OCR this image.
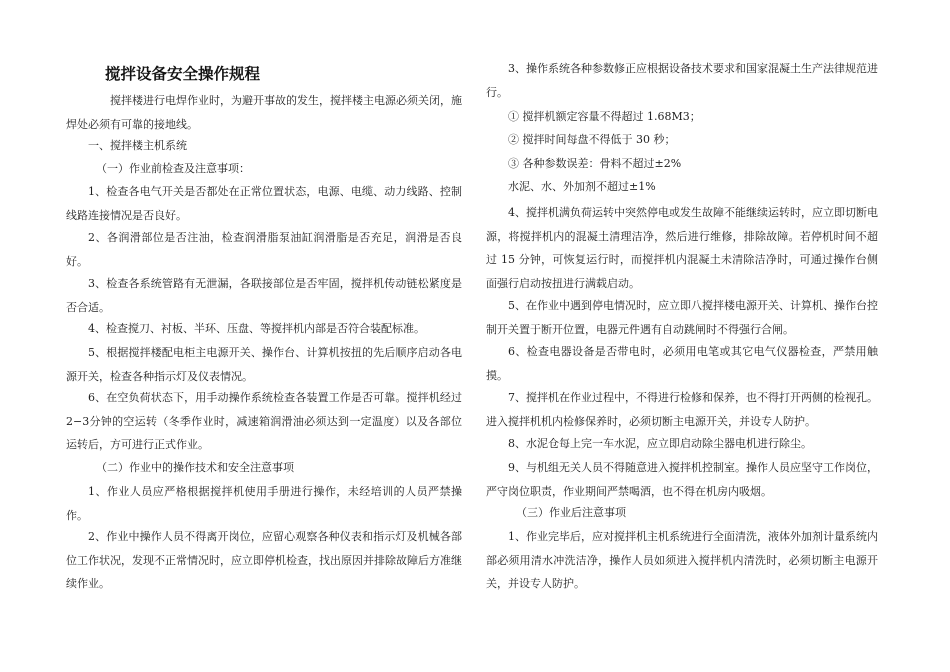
搅拌设备安全操作规程

搅拌楼进行电焊作业时，为避开事故的发生，搅拌楼主电源必须关闭，施焊处必须有可靠的接地线。

一、搅拌楼主机系统

（一）作业前检查及注意事项：

1、检查各电气开关是否都处在正常位置状态，电源、电缆、动力线路、控制线路连接情况是否良好。

2、各润滑部位是否注油，检查润滑脂泵油缸润滑脂是否充足，润滑是否良好。

3、检查各系统管路有无泄漏，各联接部位是否牢固，搅拌机传动链松紧度是否合适。

4、检查搅刀、衬板、半环、压盘、等搅拌机内部是否符合装配标准。

5、根据搅拌楼配电柜主电源开关、操作台、计算机按扭的先后顺序启动各电源开关，检查各种指示灯及仪表情况。

6、在空负荷状态下，用手动操作系统检查各装置工作是否可靠。搅拌机经过2−3分钟的空运转（冬季作业时，减速箱润滑油必须达到一定温度）以及各部位运转后，方可进行正式作业。

（二）作业中的操作技术和安全注意事项

1、作业人员应严格根据搅拌机使用手册进行操作，未经培训的人员严禁操作。

2、作业中操作人员不得离开岗位，应留心观察各种仪表和指示灯及机械各部位工作状况，发现不正常情况时，应立即停机检查，找出原因并排除故障后方准继续作业。

3、操作系统各种参数修正应根据设备技术要求和国家混凝土生产法律规范进行。

① 搅拌机额定容量不得超过 1.68M3；

② 搅拌时间每盘不得低于 30 秒；

③ 各种参数误差：骨料不超过±2%

水泥、水、外加剂不超过±1%

4、搅拌机满负荷运转中突然停电或发生故障不能继续运转时，应立即切断电源，将搅拌机内的混凝土清理洁净，然后进行维修，排除故障。若停机时间不超过 15 分钟，可恢复运行时，而搅拌机内混凝土未清除洁净时，可通过操作台侧面强行启动按扭进行满载启动。

5、在作业中遇到停电情况时，应立即八搅拌楼电源开关、计算机、操作台控制开关置于断开位置，电器元件遇有自动跳闸时不得强行合闸。

6、检查电器设备是否带电时，必须用电笔或其它电气仪器检查，严禁用触摸。

7、搅拌机在作业过程中，不得进行检修和保养，也不得打开两侧的检视孔。进入搅拌机机内检修保养时，必须切断主电源开关，并设专人防护。

8、水泥仓每上完一车水泥，应立即启动除尘器电机进行除尘。

9、与机组无关人员不得随意进入搅拌机控制室。操作人员应坚守工作岗位，严守岗位职责，作业期间严禁喝酒，也不得在机房内吸烟。

（三）作业后注意事项

1、作业完毕后，应对搅拌机主机系统进行全面清洗，液体外加剂计量系统内部必须用清水冲洗洁净，操作人员如须进入搅拌机内清洗时，必须切断主电源开关，并设专人防护。
